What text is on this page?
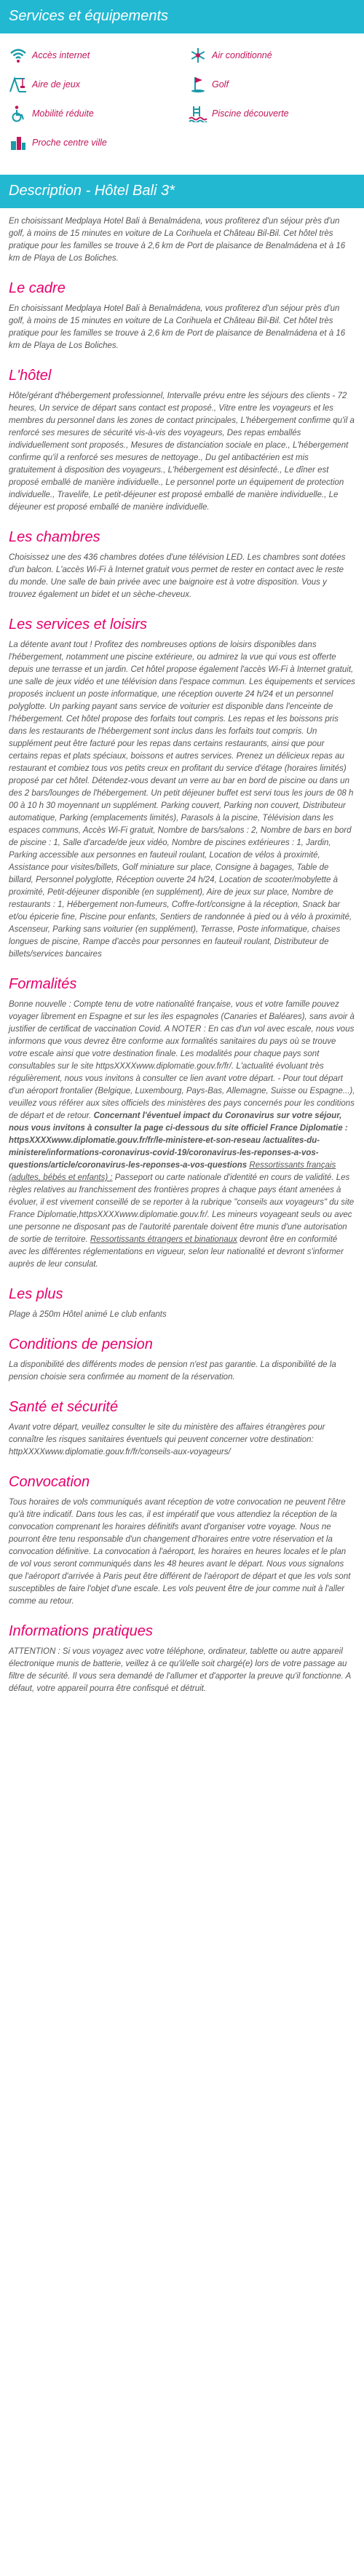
Services et équipements
Accès internet	Air conditionné
Aire de jeux	Golf
Mobilité réduite	Piscine découverte
Proche centre ville
Description - Hôtel Bali 3*

En choisissant Medplaya Hotel Bali à Benalmádena, vous profiterez d'un séjour près d'un golf, à moins de 15 minutes en voiture de La Corihuela et Château Bil-Bil. Cet hôtel très pratique pour les familles se trouve à 2,6 km de Port de plaisance de Benalmádena et à 16 km de Playa de Los Boliches.

Le cadre

En choisissant Medplaya Hotel Bali à Benalmádena, vous profiterez d'un séjour près d'un golf, à moins de 15 minutes en voiture de La Corihuela et Château Bil-Bil. Cet hôtel très pratique pour les familles se trouve à 2,6 km de Port de plaisance de Benalmádena et à 16 km de Playa de Los Boliches.

L'hôtel

Hôte/gérant d'hébergement professionnel, Intervalle prévu entre les séjours des clients - 72 heures, Un service de départ sans contact est proposé., Vitre entre les voyageurs et les membres du personnel dans les zones de contact principales, L'hébergement confirme qu'il a renforcé ses mesures de sécurité vis-à-vis des voyageurs, Des repas emballés individuellement sont proposés., Mesures de distanciation sociale en place., L'hébergement confirme qu'il a renforcé ses mesures de nettoyage., Du gel antibactérien est mis gratuitement à disposition des voyageurs., L'hébergement est désinfecté., Le dîner est proposé emballé de manière individuelle., Le personnel porte un équipement de protection individuelle., Travelife, Le petit-déjeuner est proposé emballé de manière individuelle., Le déjeuner est proposé emballé de manière individuelle.

Les chambres

Choisissez une des 436 chambres dotées d'une télévision LED. Les chambres sont dotées d'un balcon. L'accès Wi-Fi à Internet gratuit vous permet de rester en contact avec le reste du monde. Une salle de bain privée avec une baignoire est à votre disposition. Vous y trouvez également un bidet et un sèche-cheveux.

Les services et loisirs

La détente avant tout ! Profitez des nombreuses options de loisirs disponibles dans l'hébergement, notamment une piscine extérieure, ou admirez la vue qui vous est offerte depuis une terrasse et un jardin. Cet hôtel propose également l'accès Wi-Fi à Internet gratuit, une salle de jeux vidéo et une télévision dans l'espace commun. Les équipements et services proposés incluent un poste informatique, une réception ouverte 24 h/24 et un personnel polyglotte. Un parking payant sans service de voiturier est disponible dans l'enceinte de l'hébergement. Cet hôtel propose des forfaits tout compris. Les repas et les boissons pris dans les restaurants de l'hébergement sont inclus dans les forfaits tout compris. Un supplément peut être facturé pour les repas dans certains restaurants, ainsi que pour certains repas et plats spéciaux, boissons et autres services. Prenez un délicieux repas au restaurant et combiez tous vos petits creux en profitant du service d'étage (horaires limités) proposé par cet hôtel. Détendez-vous devant un verre au bar en bord de piscine ou dans un des 2 bars/lounges de l'hébergement. Un petit déjeuner buffet est servi tous les jours de 08 h 00 à 10 h 30 moyennant un supplément. Parking couvert, Parking non couvert, Distributeur automatique, Parking (emplacements limités), Parasols à la piscine, Télévision dans les espaces communs, Accès Wi-Fi gratuit, Nombre de bars/salons : 2, Nombre de bars en bord de piscine : 1, Salle d'arcade/de jeux vidéo, Nombre de piscines extérieures : 1, Jardin, Parking accessible aux personnes en fauteuil roulant, Location de vélos à proximité, Assistance pour visites/billets, Golf miniature sur place, Consigne à bagages, Table de billard, Personnel polyglotte, Réception ouverte 24 h/24, Location de scooter/mobylette à proximité, Petit-déjeuner disponible (en supplément), Aire de jeux sur place, Nombre de restaurants : 1, Hébergement non-fumeurs, Coffre-fort/consigne à la réception, Snack bar et/ou épicerie fine, Piscine pour enfants, Sentiers de randonnée à pied ou à vélo à proximité, Ascenseur, Parking sans voiturier (en supplément), Terrasse, Poste informatique, chaises longues de piscine, Rampe d'accès pour personnes en fauteuil roulant, Distributeur de billets/services bancaires

Formalités

Bonne nouvelle : Compte tenu de votre nationalité française, vous et votre famille pouvez voyager librement en Espagne et sur les iles espagnoles (Canaries et Baléares), sans avoir à justifier de certificat de vaccination Covid. A NOTER : En cas d'un vol avec escale, nous vous informons que vous devrez être conforme aux formalités sanitaires du pays où se trouve votre escale ainsi que votre destination finale. Les modalités pour chaque pays sont consultables sur le site httpsXXXXwww.diplomatie.gouv.fr/fr/. L'actualité évoluant très régulièrement, nous vous invitons à consulter ce lien avant votre départ. - Pour tout départ d'un aéroport frontalier (Belgique, Luxembourg, Pays-Bas, Allemagne, Suisse ou Espagne...), veuillez vous référer aux sites officiels des ministères des pays concernés pour les conditions de départ et de retour. Concernant l'éventuel impact du Coronavirus sur votre séjour, nous vous invitons à consulter la page ci-dessous du site officiel France Diplomatie : httpsXXXXwww.diplomatie.gouv.fr/fr/le-ministere-et-son-reseau /actualites-du-ministere/informations-coronavirus-covid-19/coronavirus-les-reponses-a-vos-questions/article/coronavirus-les-reponses-a-vos-questions Ressortissants français (adultes, bébés et enfants) : Passeport ou carte nationale d'identité en cours de validité. Les règles relatives au franchissement des frontières propres à chaque pays étant amenées à évoluer, il est vivement conseillé de se reporter à la rubrique "conseils aux voyageurs" du site France Diplomatie,httpsXXXXwww.diplomatie.gouv.fr/. Les mineurs voyageant seuls ou avec une personne ne disposant pas de l'autorité parentale doivent être munis d'une autorisation de sortie de territoire. Ressortissants étrangers et binationaux devront être en conformité avec les différentes réglementations en vigueur, selon leur nationalité et devront s'informer auprès de leur consulat.

Les plus

Plage à 250m Hôtel animé Le club enfants

Conditions de pension

La disponibilité des différents modes de pension n'est pas garantie. La disponibilité de la pension choisie sera confirmée au moment de la réservation.

Santé et sécurité

Avant votre départ, veuillez consulter le site du ministère des affaires étrangères pour connaître les risques sanitaires éventuels qui peuvent concerner votre destination: httpXXXXwww.diplomatie.gouv.fr/fr/conseils-aux-voyageurs/

Convocation

Tous horaires de vols communiqués avant réception de votre convocation ne peuvent l'être qu'à titre indicatif. Dans tous les cas, il est impératif que vous attendiez la réception de la convocation comprenant les horaires définitifs avant d'organiser votre voyage. Nous ne pourront être tenu responsable d'un changement d'horaires entre votre réservation et la convocation définitive. La convocation à l'aéroport, les horaires en heures locales et le plan de vol vous seront communiqués dans les 48 heures avant le départ. Nous vous signalons que l'aéroport d'arrivée à Paris peut être différent de l'aéroport de départ et que les vols sont susceptibles de faire l'objet d'une escale. Les vols peuvent être de jour comme nuit à l'aller comme au retour.

Informations pratiques

ATTENTION : Si vous voyagez avec votre téléphone, ordinateur, tablette ou autre appareil électronique munis de batterie, veillez à ce qu'il/elle soit chargé(e) lors de votre passage au filtre de sécurité. Il vous sera demandé de l'allumer et d'apporter la preuve qu'il fonctionne. A défaut, votre appareil pourra être confisqué et détruit.
